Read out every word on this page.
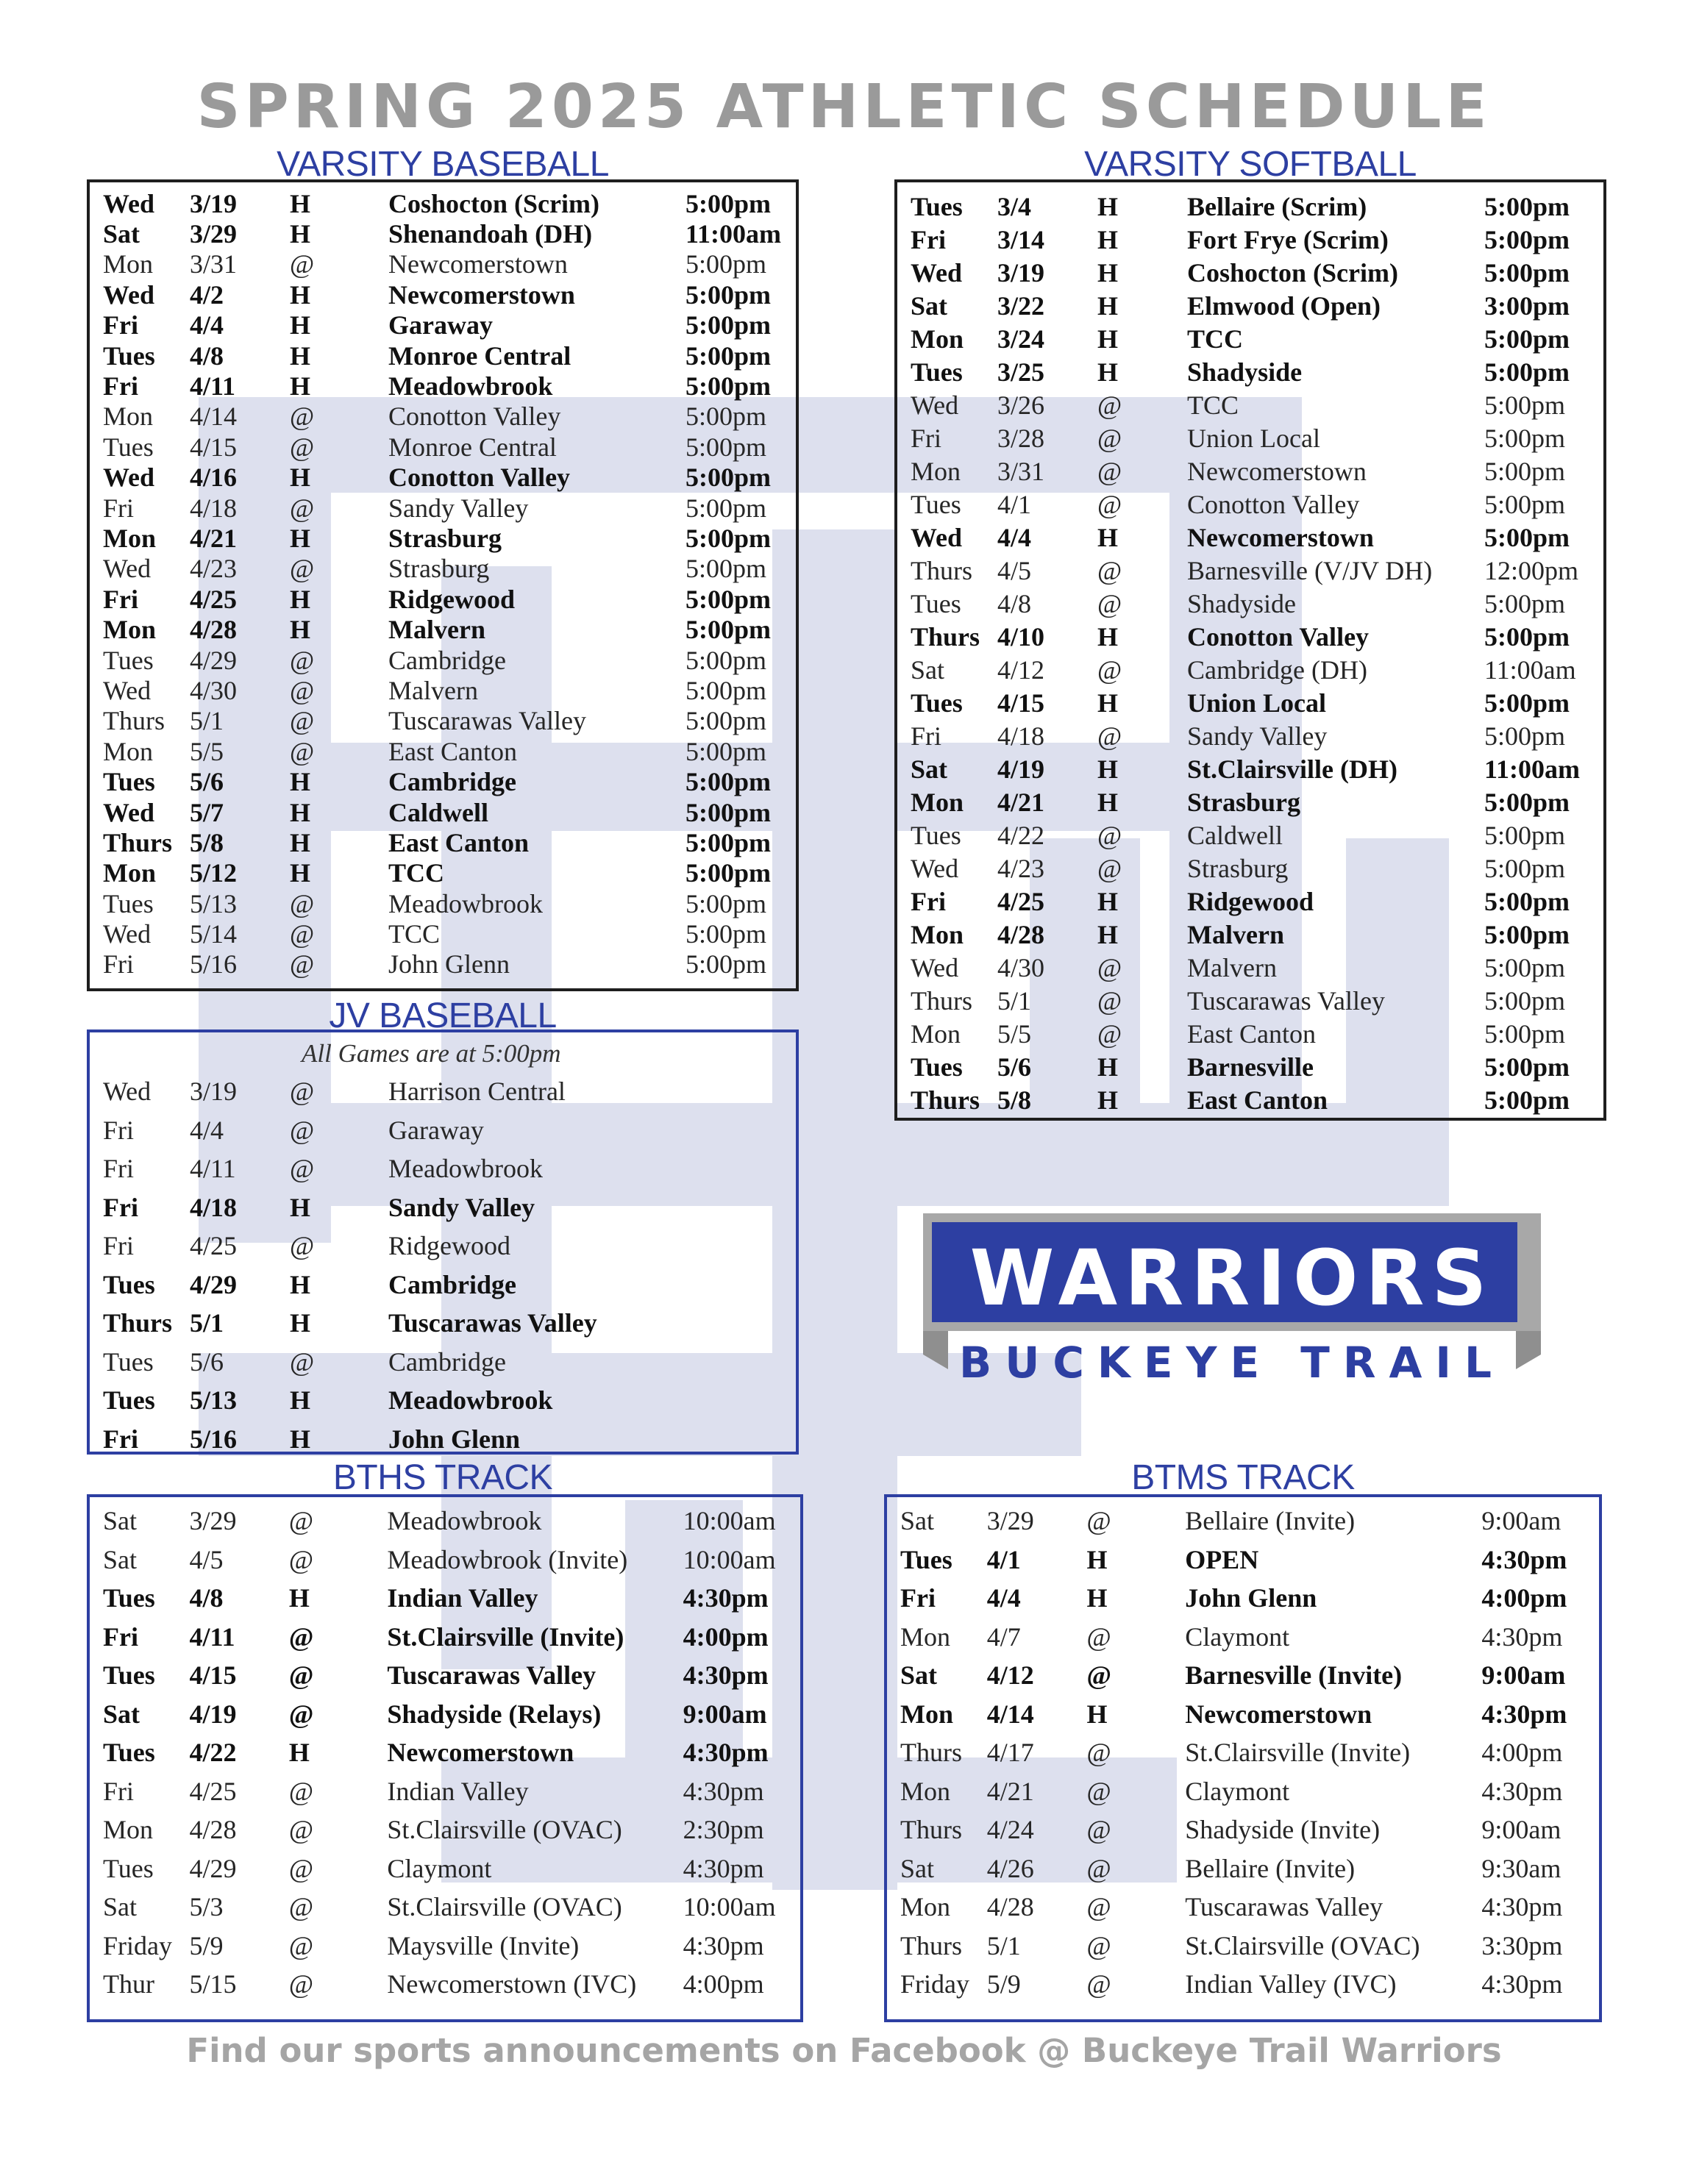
SPRING 2025 ATHLETIC SCHEDULE
VARSITY BASEBALL	VARSITY SOFTBALL
JV BASEBALL
BTHS TRACK	BTMS TRACK
Wed	3/19	H	Coshocton (Scrim)	5:00pm
Sat	3/29	H	Shenandoah (DH)	11:00am
Mon	3/31	@	Newcomerstown	5:00pm
Wed	4/2	H	Newcomerstown	5:00pm
Fri	4/4	H	Garaway	5:00pm
Tues	4/8	H	Monroe Central	5:00pm
Fri	4/11	H	Meadowbrook	5:00pm
Mon	4/14	@	Conotton Valley	5:00pm
Tues	4/15	@	Monroe Central	5:00pm
Wed	4/16	H	Conotton Valley	5:00pm
Fri	4/18	@	Sandy Valley	5:00pm
Mon	4/21	H	Strasburg	5:00pm
Wed	4/23	@	Strasburg	5:00pm
Fri	4/25	H	Ridgewood	5:00pm
Mon	4/28	H	Malvern	5:00pm
Tues	4/29	@	Cambridge	5:00pm
Wed	4/30	@	Malvern	5:00pm
Thurs 5/1	@	Tuscarawas Valley	5:00pm
Mon	5/5	@	East Canton	5:00pm
Tues	5/6	H	Cambridge	5:00pm
Wed	5/7	H	Caldwell	5:00pm
Thurs 5/8	H	East Canton	5:00pm
Mon	5/12	H	TCC	5:00pm
Tues	5/13	@	Meadowbrook	5:00pm
Wed	5/14	@	TCC	5:00pm
Fri	5/16	@	John Glenn	5:00pm
Tues	3/4	H	Bellaire (Scrim)	5:00pm
Fri	3/14	H	Fort Frye (Scrim)	5:00pm
Wed	3/19	H	Coshocton (Scrim)	5:00pm
Sat	3/22	H	Elmwood (Open)	3:00pm
Mon	3/24	H	TCC	5:00pm
Tues	3/25	H	Shadyside	5:00pm
Wed	3/26	@	TCC	5:00pm
Fri	3/28	@	Union Local	5:00pm
Mon	3/31	@	Newcomerstown	5:00pm
Tues	4/1	@	Conotton Valley	5:00pm
Wed	4/4	H	Newcomerstown	5:00pm
Thurs 4/5	@	Barnesville (V/JV DH)	12:00pm
Tues	4/8	@	Shadyside	5:00pm
Thurs 4/10	H	Conotton Valley	5:00pm
Sat	4/12	@	Cambridge (DH)	11:00am
Tues	4/15	H	Union Local	5:00pm
Fri	4/18	@	Sandy Valley	5:00pm
Sat	4/19	H	St.Clairsville (DH)	11:00am
Mon	4/21	H	Strasburg	5:00pm
Tues	4/22	@	Caldwell	5:00pm
Wed	4/23	@	Strasburg	5:00pm
Fri	4/25	H	Ridgewood	5:00pm
Mon	4/28	H	Malvern	5:00pm
Wed	4/30	@	Malvern	5:00pm
Thurs 5/1	@	Tuscarawas Valley	5:00pm
Mon	5/5	@	East Canton	5:00pm
Tues	5/6	H	Barnesville	5:00pm
Thurs 5/8	H	East Canton	5:00pm
All Games are at 5:00pm
Wed	3/19	@	Harrison Central
Fri	4/4	@	Garaway
Fri	4/11	@	Meadowbrook
Fri	4/18	H	Sandy Valley
Fri	4/25	@	Ridgewood
Tues	4/29	H	Cambridge
Thurs 5/1	H	Tuscarawas Valley
Tues	5/6	@	Cambridge
Tues	5/13	H	Meadowbrook
Fri	5/16	H	John Glenn
Sat	3/29	@	Meadowbrook	10:00am
Sat	4/5	@	Meadowbrook (Invite)	10:00am
Tues	4/8	H	Indian Valley	4:30pm
Fri	4/11	@	St.Clairsville (Invite)	4:00pm
Tues	4/15	@	Tuscarawas Valley	4:30pm
Sat	4/19	@	Shadyside (Relays)	9:00am
Tues	4/22	H	Newcomerstown	4:30pm
Fri	4/25	@	Indian Valley	4:30pm
Mon	4/28	@	St.Clairsville (OVAC)	2:30pm
Tues	4/29	@	Claymont	4:30pm
Sat	5/3	@	St.Clairsville (OVAC)	10:00am
Friday 5/9	@	Maysville (Invite)	4:30pm
Thur	5/15	@	Newcomerstown (IVC)	4:00pm
Sat	3/29	@	Bellaire (Invite)	9:00am
Tues	4/1	H	OPEN	4:30pm
Fri	4/4	H	John Glenn	4:00pm
Mon	4/7	@	Claymont	4:30pm
Sat	4/12	@	Barnesville (Invite)	9:00am
Mon	4/14	H	Newcomerstown	4:30pm
Thurs 4/17	@	St.Clairsville (Invite)	4:00pm
Mon	4/21	@	Claymont	4:30pm
Thurs 4/24	@	Shadyside (Invite)	9:00am
Sat	4/26	@	Bellaire (Invite)	9:30am
Mon	4/28	@	Tuscarawas Valley	4:30pm
Thurs 5/1	@	St.Clairsville (OVAC)	3:30pm
Friday 5/9	@	Indian Valley (IVC)	4:30pm
WARRIORS
BUCKEYE TRAIL
Find our sports announcements on Facebook @ Buckeye Trail Warriors
